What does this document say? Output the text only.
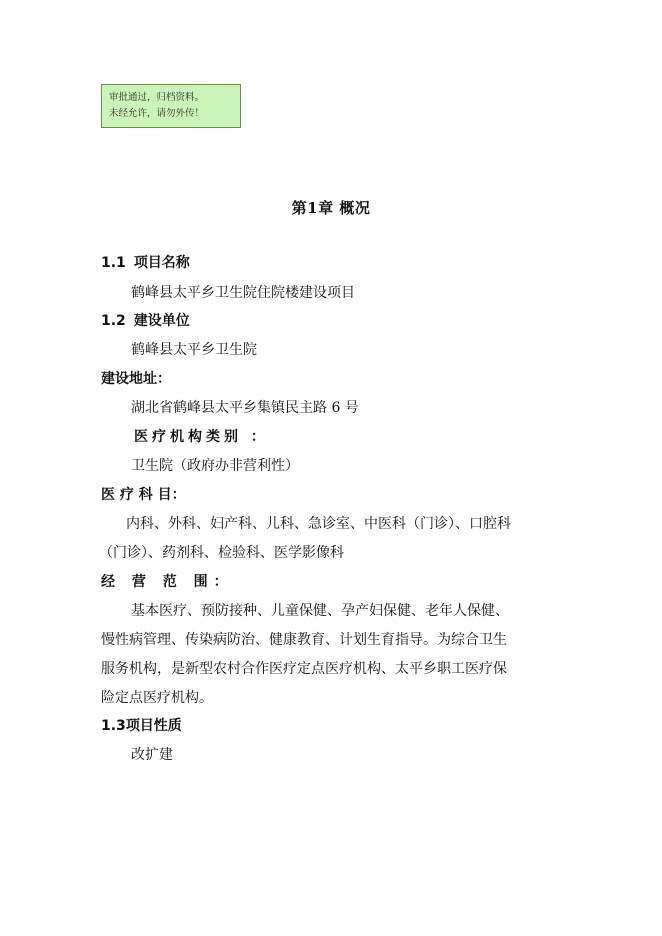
审批通过，归档资料。
未经允许，请勿外传！
第1章 概况
1.1 项目名称
鹤峰县太平乡卫生院住院楼建设项目
1.2 建设单位
鹤峰县太平乡卫生院
建设地址：
湖北省鹤峰县太平乡集镇民主路 6 号
医疗机构类别 ：
卫生院（政府办非营利性）
医 疗 科 目：
内科、外科、妇产科、儿科、急诊室、中医科（门诊）、口腔科
（门诊）、药剂科、检验科、医学影像科
经 营 范 围：
基本医疗、预防接种、儿童保健、孕产妇保健、老年人保健、
慢性病管理、传染病防治、健康教育、计划生育指导。为综合卫生
服务机构，是新型农村合作医疗定点医疗机构、太平乡职工医疗保
险定点医疗机构。
1.3项目性质
改扩建
